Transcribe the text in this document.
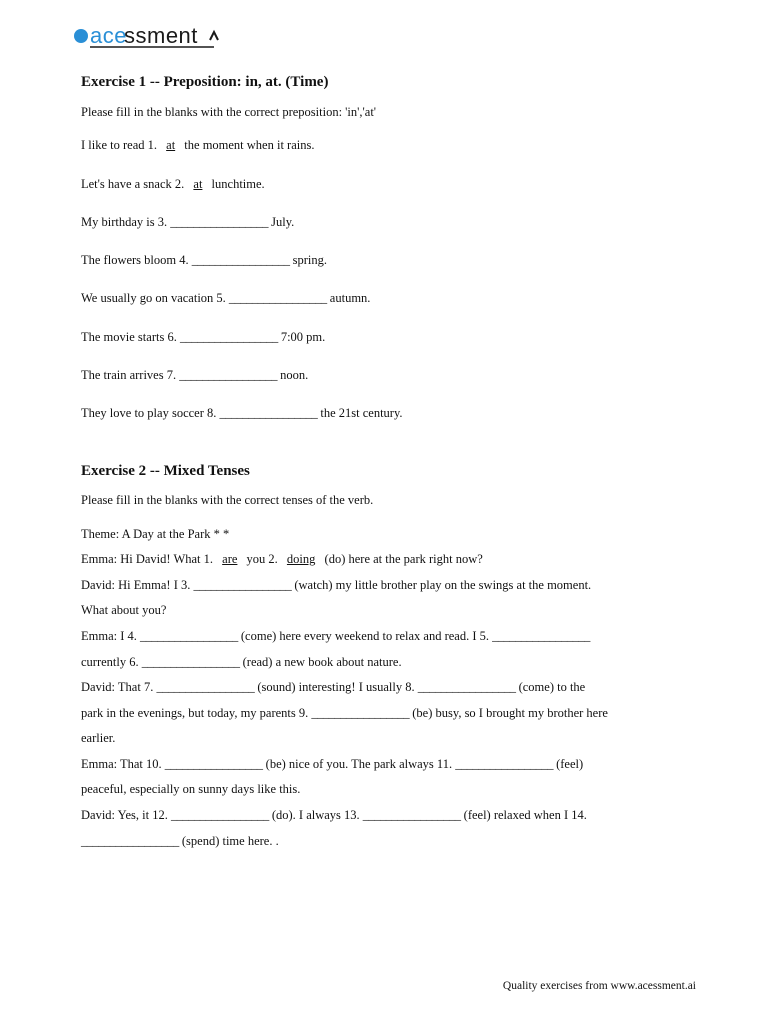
ace
ssment
Exercise 1 -- Preposition: in, at. (Time)
Please fill in the blanks with the correct preposition: 'in','at'
I like to read 1. at the moment when it rains.
Let's have a snack 2. at lunchtime.
My birthday is 3. _________________ July.
The flowers bloom 4. _________________ spring.
We usually go on vacation 5. _________________ autumn.
The movie starts 6. _________________ 7:00 pm.
The train arrives 7. _________________ noon.
They love to play soccer 8. _________________ the 21st century.
Exercise 2 -- Mixed Tenses
Please fill in the blanks with the correct tenses of the verb.
Theme: A Day at the Park * *
Emma: Hi David! What 1. are you 2. doing (do) here at the park right now?
David: Hi Emma! I 3. _________________ (watch) my little brother play on the swings at the moment.
What about you?
Emma: I 4. _________________ (come) here every weekend to relax and read. I 5. _________________
currently 6. _________________ (read) a new book about nature.
David: That 7. _________________ (sound) interesting! I usually 8. _________________ (come) to the
park in the evenings, but today, my parents 9. _________________ (be) busy, so I brought my brother here
earlier.
Emma: That 10. _________________ (be) nice of you. The park always 11. _________________ (feel)
peaceful, especially on sunny days like this.
David: Yes, it 12. _________________ (do). I always 13. _________________ (feel) relaxed when I 14.
_________________ (spend) time here. .
Quality exercises from www.acessment.ai
